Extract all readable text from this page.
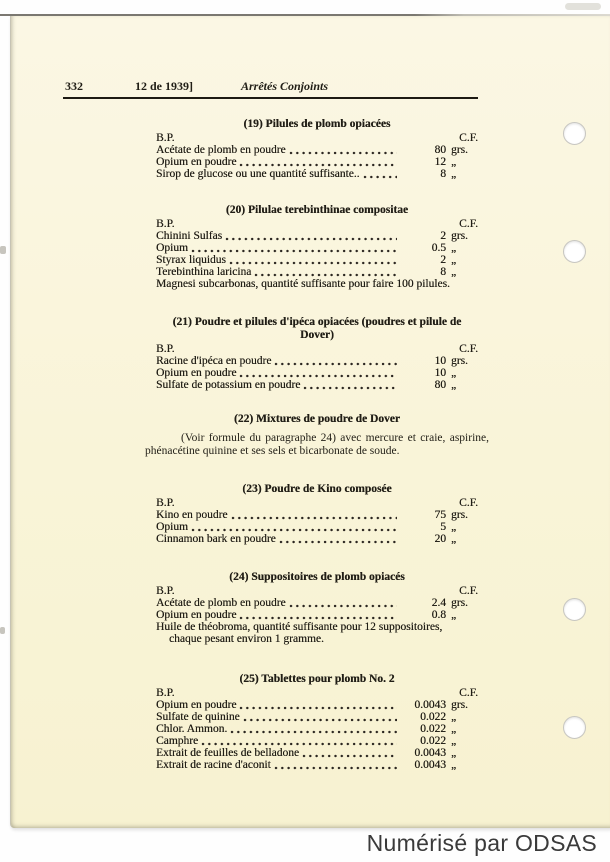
332	12 de 1939]	Arrêtés Conjoints
(19) Pilules de plomb opiacées
B.P.	C.F.
Acétate de plomb en poudre	80 grs.
Opium en poudre	12 „
Sirop de glucose ou une quantité suffisante..	8 „
(20) Pilulae terebinthinae compositae
B.P.	C.F.
Chinini Sulfas	2 grs.
Opium	0.5 „
Styrax liquidus	2 „
Terebinthina laricina	8 „
Magnesi subcarbonas, quantité suffisante pour faire 100 pilules.
(21) Poudre et pilules d'ipéca opiacées (poudres et pilule de Dover)
B.P.	C.F.
Racine d'ipéca en poudre	10 grs.
Opium en poudre	10 „
Sulfate de potassium en poudre	80 „
(22) Mixtures de poudre de Dover
(Voir formule du paragraphe 24) avec mercure et craie, aspirine, phénacétine quinine et ses sels et bicarbonate de soude.
(23) Poudre de Kino composée
B.P.	C.F.
Kino en poudre	75 grs.
Opium	5 „
Cinnamon bark en poudre	20 „
(24) Suppositoires de plomb opiacés
B.P.	C.F.
Acétate de plomb en poudre	2.4 grs.
Opium en poudre	0.8 „
Huile de théobroma, quantité suffisante pour 12 suppositoires, chaque pesant environ 1 gramme.
(25) Tablettes pour plomb No. 2
B.P.	C.F.
Opium en poudre	0.0043 grs.
Sulfate de quinine	0.022 „
Chlor. Ammon.	0.022 „
Camphre	0.022 „
Extrait de feuilles de belladone	0.0043 „
Extrait de racine d'aconit	0.0043 „
Numérisé par ODSAS
